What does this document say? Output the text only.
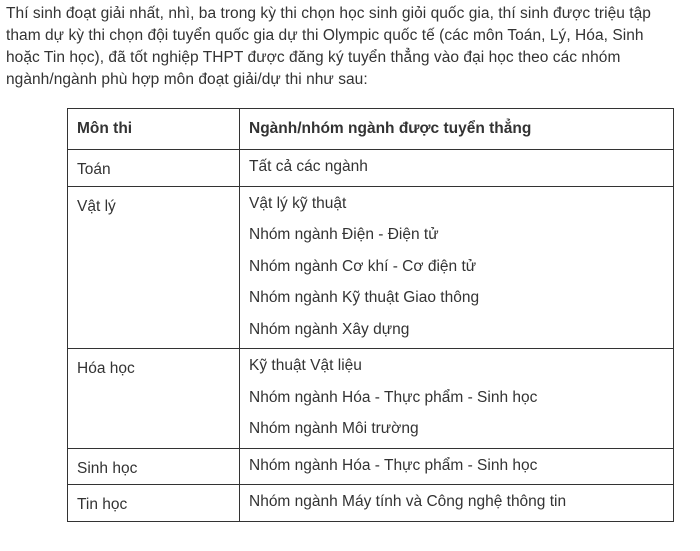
Thí sinh đoạt giải nhất, nhì, ba trong kỳ thi chọn học sinh giỏi quốc gia, thí sinh được triệu tập
tham dự kỳ thi chọn đội tuyển quốc gia dự thi Olympic quốc tế (các môn Toán, Lý, Hóa, Sinh
hoặc Tin học), đã tốt nghiệp THPT được đăng ký tuyển thẳng vào đại học theo các nhóm
ngành/ngành phù hợp môn đoạt giải/dự thi như sau:

Môn thi	Ngành/nhóm ngành được tuyển thẳng

Toán	Tất cả các ngành

Vật lý	Vật lý kỹ thuật
Nhóm ngành Điện - Điện tử
Nhóm ngành Cơ khí - Cơ điện tử
Nhóm ngành Kỹ thuật Giao thông
Nhóm ngành Xây dựng

Hóa học	Kỹ thuật Vật liệu
Nhóm ngành Hóa - Thực phẩm - Sinh học
Nhóm ngành Môi trường

Sinh học	Nhóm ngành Hóa - Thực phẩm - Sinh học

Tin học	Nhóm ngành Máy tính và Công nghệ thông tin
